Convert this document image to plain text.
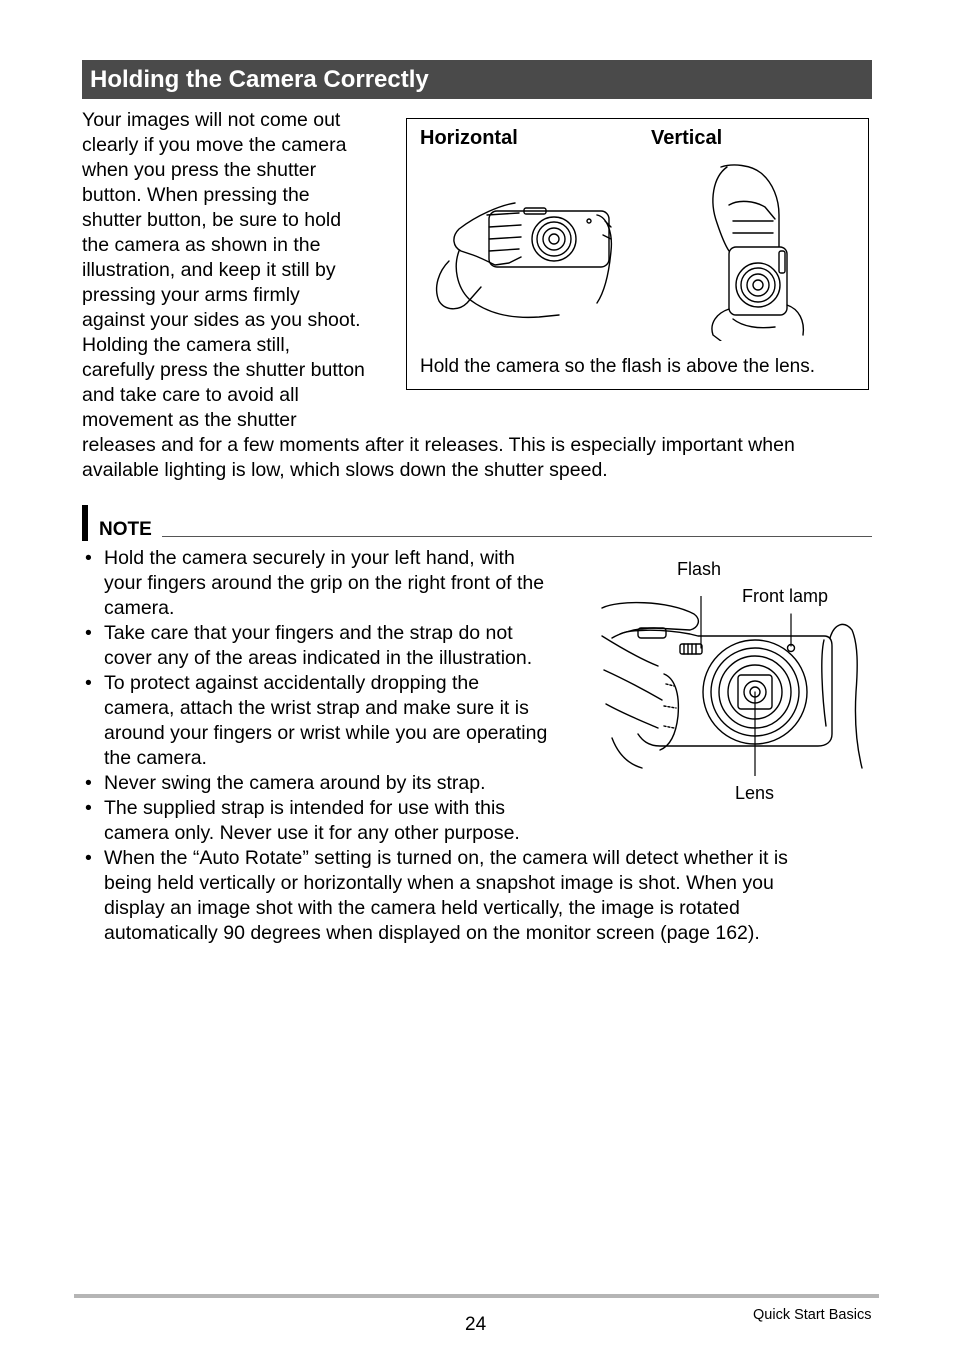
Holding the Camera Correctly
Your images will not come out
clearly if you move the camera
when you press the shutter
button. When pressing the
shutter button, be sure to hold
the camera as shown in the
illustration, and keep it still by
pressing your arms firmly
against your sides as you shoot.
Holding the camera still,
carefully press the shutter button
and take care to avoid all
movement as the shutter
releases and for a few moments after it releases. This is especially important when
available lighting is low, which slows down the shutter speed.
Horizontal	Vertical
Hold the camera so the flash is above the lens.
NOTE
• Hold the camera securely in your left hand, with
your fingers around the grip on the right front of the
camera.
• Take care that your fingers and the strap do not
cover any of the areas indicated in the illustration.
• To protect against accidentally dropping the
camera, attach the wrist strap and make sure it is
around your fingers or wrist while you are operating
the camera.
• Never swing the camera around by its strap.
• The supplied strap is intended for use with this
camera only. Never use it for any other purpose.
• When the “Auto Rotate” setting is turned on, the camera will detect whether it is
being held vertically or horizontally when a snapshot image is shot. When you
display an image shot with the camera held vertically, the image is rotated
automatically 90 degrees when displayed on the monitor screen (page 162).
Flash
Front lamp
Lens
24	Quick Start Basics
